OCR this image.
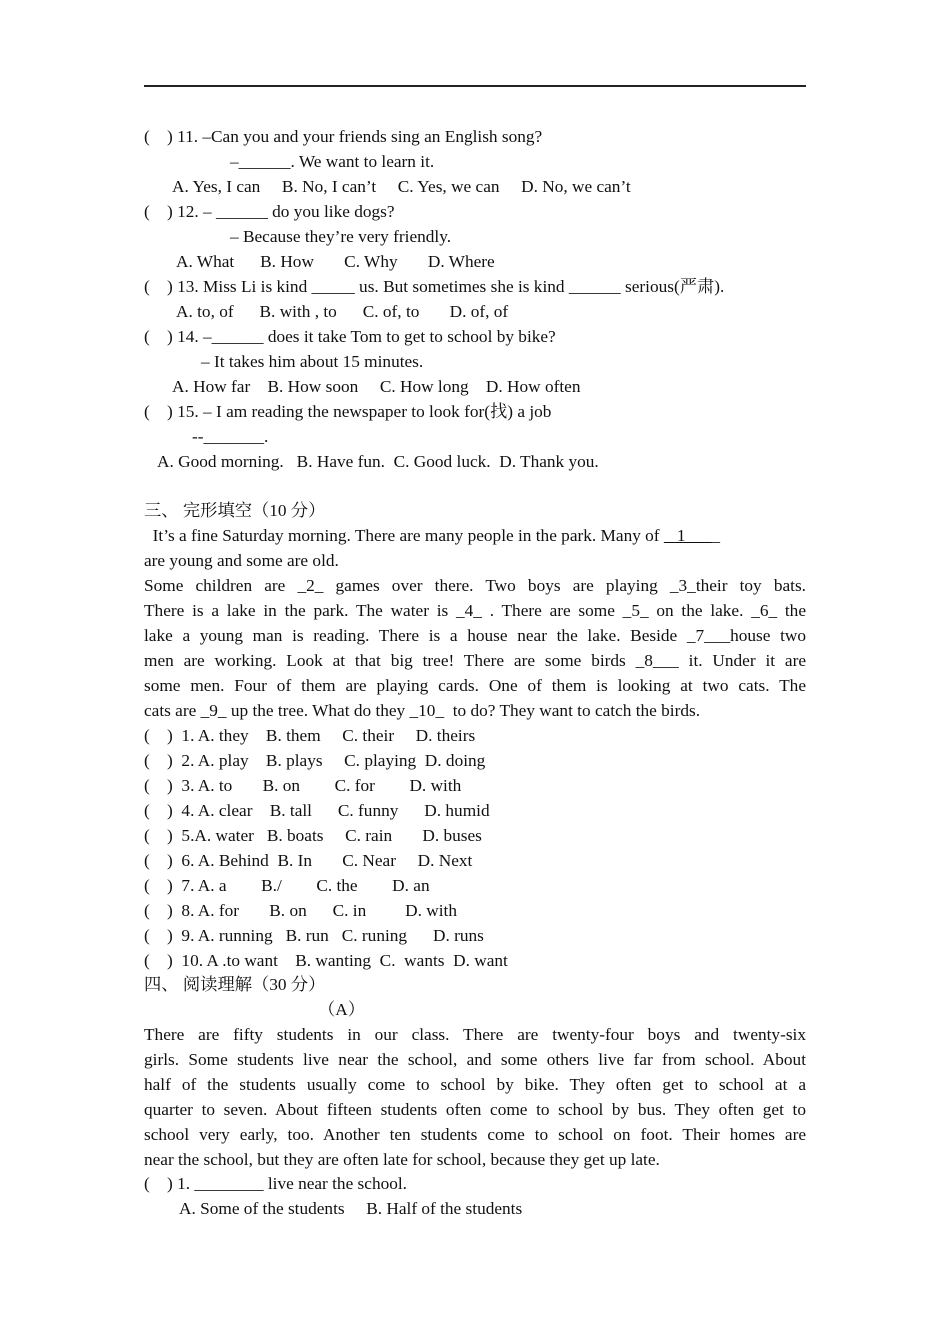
(    ) 11. –Can you and your friends sing an English song?
–______. We want to learn it.
A. Yes, I can     B. No, I can’t     C. Yes, we can     D. No, we can’t
(    ) 12. – ______ do you like dogs?
– Because they’re very friendly.
A. What      B. How       C. Why       D. Where
(    ) 13. Miss Li is kind _____ us. But sometimes she is kind ______ serious(严肃).
A. to, of      B. with , to      C. of, to       D. of, of
(    ) 14. –______ does it take Tom to get to school by bike?
– It takes him about 15 minutes.
A. How far    B. How soon     C. How long    D. How often
(    ) 15. – I am reading the newspaper to look for(找) a job
--_______.
A. Good morning.   B. Have fun.  C. Good luck.  D. Thank you.
三、 完形填空（10 分）
It’s a fine Saturday morning. There are many people in the park. Many of  _1____
are young and some are old.
Some children are _2_ games over there. Two boys are playing _3_their toy bats.
There is a lake in the park. The water is _4_ . There are some _5_ on the lake. _6_ the
lake a young man is reading. There is a house near the lake. Beside _7___house two
men are working. Look at that big tree! There are some birds _8___ it. Under it are
some men. Four of them are playing cards. One of them is looking at two cats. The
cats are _9_ up the tree. What do they _10_  to do? They want to catch the birds.
(    )  1. A. they    B. them     C. their     D. theirs
(    )  2. A. play    B. plays     C. playing  D. doing
(    )  3. A. to       B. on        C. for        D. with
(    )  4. A. clear    B. tall      C. funny      D. humid
(    )  5.A. water   B. boats     C. rain       D. buses
(    )  6. A. Behind  B. In       C. Near     D. Next
(    )  7. A. a        B./        C. the        D. an
(    )  8. A. for       B. on      C. in         D. with
(    )  9. A. running   B. run   C. runing      D. runs
(    )  10. A .to want    B. wanting  C.  wants  D. want
四、 阅读理解（30 分）
（A）
There are fifty students in our class. There are twenty-four boys and twenty-six
girls. Some students live near the school, and some others live far from school. About
half of the students usually come to school by bike. They often get to school at a
quarter to seven. About fifteen students often come to school by bus. They often get to
school very early, too. Another ten students come to school on foot. Their homes are
near the school, but they are often late for school, because they get up late.
(    ) 1. ________ live near the school.
A. Some of the students     B. Half of the students
